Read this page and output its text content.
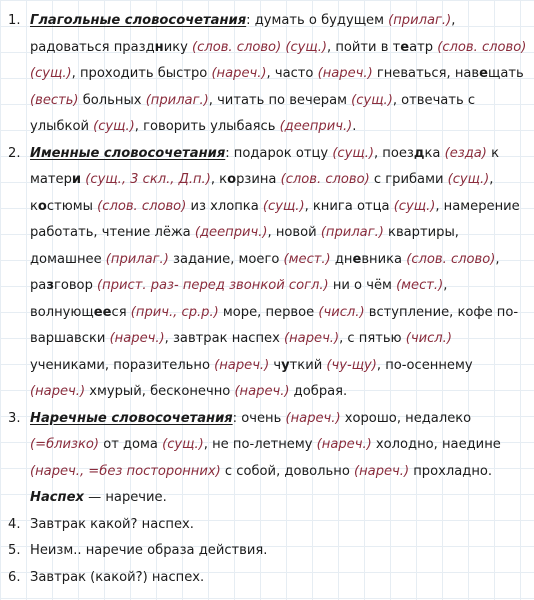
1. Глагольные словосочетания: думать о будущем (прилаг.), радоваться празднику (слов. слово) (сущ.), пойти в театр (слов. слово) (сущ.), проходить быстро (нареч.), часто (нареч.) гневаться, навещать (весть) больных (прилаг.), читать по вечерам (сущ.), отвечать с улыбкой (сущ.), говорить улыбаясь (дееприч.).
2. Именные словосочетания: подарок отцу (сущ.), поездка (езда) к матери (сущ., 3 скл., Д.п.), корзина (слов. слово) с грибами (сущ.), костюмы (слов. слово) из хлопка (сущ.), книга отца (сущ.), намерение работать, чтение лёжа (дееприч.), новой (прилаг.) квартиры, домашнее (прилаг.) задание, моего (мест.) дневника (слов. слово), разговор (прист. раз- перед звонкой согл.) ни о чём (мест.), волнующееся (прич., ср.р.) море, первое (числ.) вступление, кофе по-варшавски (нареч.), завтрак наспех (нареч.), с пятью (числ.) учениками, поразительно (нареч.) чуткий (чу-щу), по-осеннему (нареч.) хмурый, бесконечно (нареч.) добрая.
3. Наречные словосочетания: очень (нареч.) хорошо, недалеко (=близко) от дома (сущ.), не по-летнему (нареч.) холодно, наедине (нареч., =без посторонних) с собой, довольно (нареч.) прохладно.
Наспех — наречие.
4. Завтрак какой? наспех.
5. Неизм.. наречие образа действия.
6. Завтрак (какой?) наспех.
